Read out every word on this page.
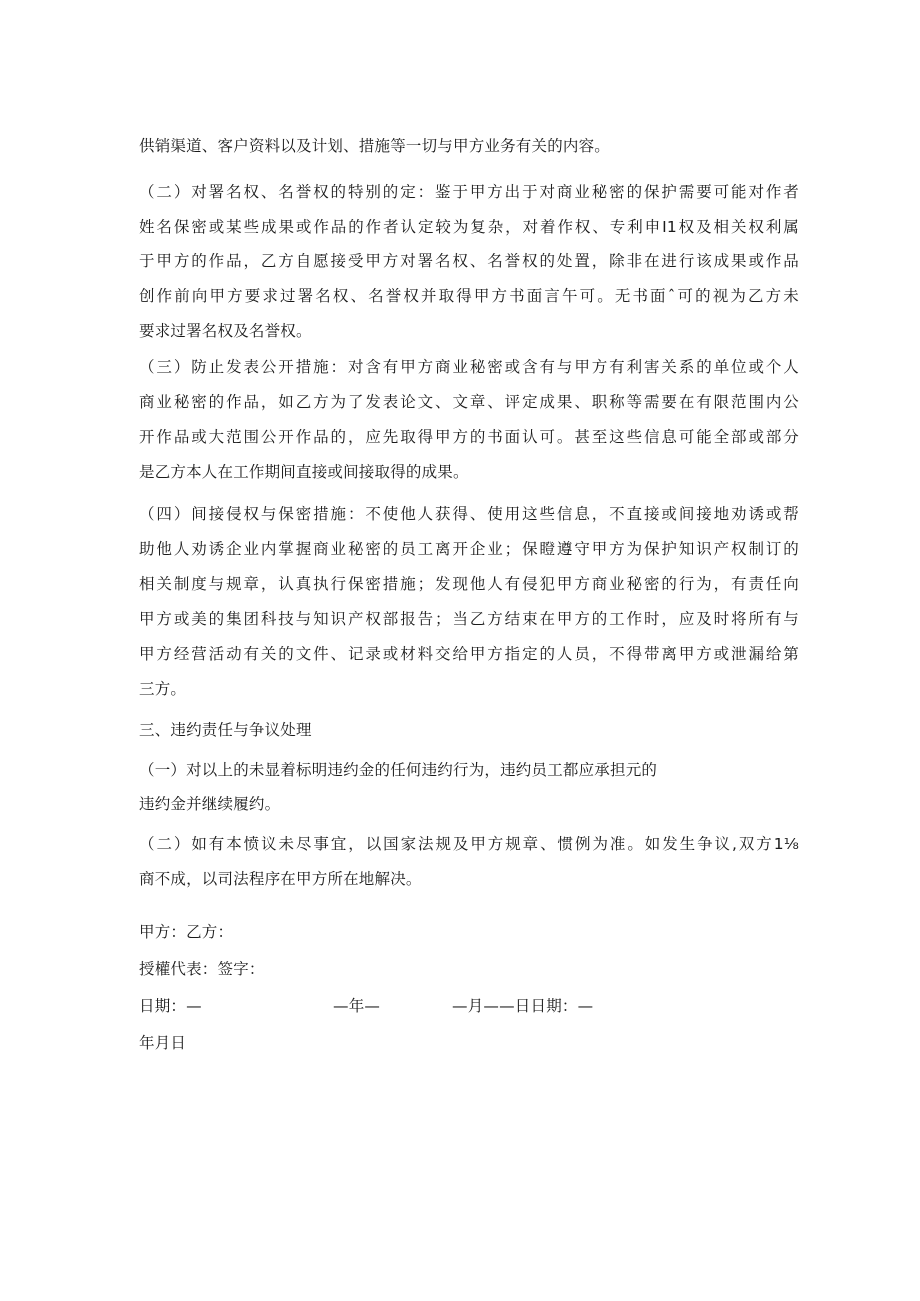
供销渠道、客户资料以及计划、措施等一切与甲方业务有关的内容。
（二）对署名权、名誉权的特别的定：鉴于甲方出于对商业秘密的保护需要可能对作者
姓名保密或某些成果或作品的作者认定较为复杂，对着作权、专利申I1权及相关权利属
于甲方的作品，乙方自愿接受甲方对署名权、名誉权的处置，除非在进行该成果或作品
创作前向甲方要求过署名权、名誉权并取得甲方书面言午可。无书面ˆ可的视为乙方未
要求过署名权及名誉权。
（三）防止发表公开措施：对含有甲方商业秘密或含有与甲方有利害关系的单位或个人
商业秘密的作品，如乙方为了发表论文、文章、评定成果、职称等需要在有限范围内公
开作品或大范围公开作品的，应先取得甲方的书面认可。甚至这些信息可能全部或部分
是乙方本人在工作期间直接或间接取得的成果。
（四）间接侵权与保密措施：不使他人获得、使用这些信息，不直接或间接地劝诱或帮
助他人劝诱企业内掌握商业秘密的员工离开企业；保瞪遵守甲方为保护知识产权制订的
相关制度与规章，认真执行保密措施；发现他人有侵犯甲方商业秘密的行为，有责任向
甲方或美的集团科技与知识产权部报告；当乙方结束在甲方的工作时，应及时将所有与
甲方经营活动有关的文件、记录或材料交给甲方指定的人员，不得带离甲方或泄漏给第
三方。
三、违约责任与争议处理
（一）对以上的未显着标明违约金的任何违约行为，违约员工都应承担元的
违约金并继续履约。
（二）如有本愤议未尽事宜，以国家法规及甲方规章、惯例为准。如发生争议,双方1⅛
商不成，以司法程序在甲方所在地解决。
甲方：乙方：
授權代表：签字：
日期：—	—年—	—月——日日期：—
年月日
